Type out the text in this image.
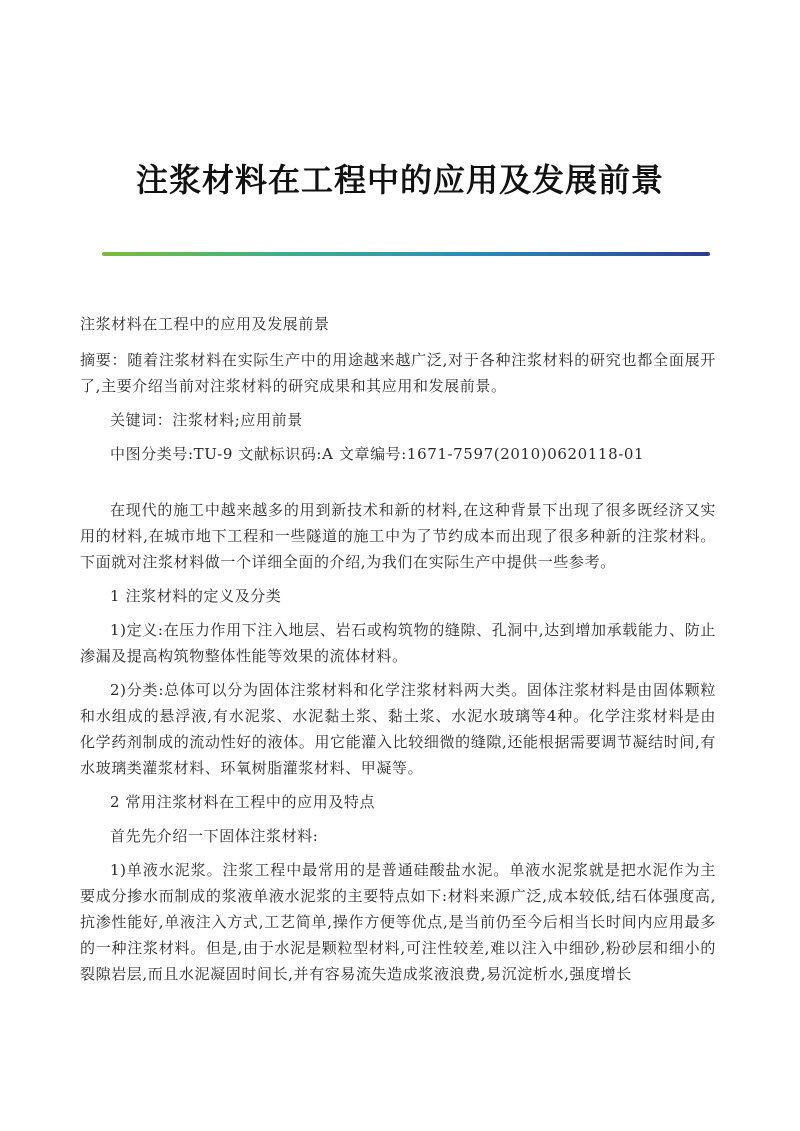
注浆材料在工程中的应用及发展前景

注浆材料在工程中的应用及发展前景

摘要：随着注浆材料在实际生产中的用途越来越广泛,对于各种注浆材料的研究也都全面展开了,主要介绍当前对注浆材料的研究成果和其应用和发展前景。

关键词：注浆材料;应用前景

中图分类号:TU-9 文献标识码:A 文章编号:1671-7597(2010)0620118-01

在现代的施工中越来越多的用到新技术和新的材料,在这种背景下出现了很多既经济又实用的材料,在城市地下工程和一些隧道的施工中为了节约成本而出现了很多种新的注浆材料。下面就对注浆材料做一个详细全面的介绍,为我们在实际生产中提供一些参考。

1 注浆材料的定义及分类

1)定义:在压力作用下注入地层、岩石或构筑物的缝隙、孔洞中,达到增加承载能力、防止渗漏及提高构筑物整体性能等效果的流体材料。

2)分类:总体可以分为固体注浆材料和化学注浆材料两大类。固体注浆材料是由固体颗粒和水组成的悬浮液,有水泥浆、水泥黏土浆、黏土浆、水泥水玻璃等4种。化学注浆材料是由化学药剂制成的流动性好的液体。用它能灌入比较细微的缝隙,还能根据需要调节凝结时间,有水玻璃类灌浆材料、环氧树脂灌浆材料、甲凝等。

2 常用注浆材料在工程中的应用及特点

首先先介绍一下固体注浆材料:

1)单液水泥浆。注浆工程中最常用的是普通硅酸盐水泥。单液水泥浆就是把水泥作为主要成分掺水而制成的浆液单液水泥浆的主要特点如下:材料来源广泛,成本较低,结石体强度高,抗渗性能好,单液注入方式,工艺简单,操作方便等优点,是当前仍至今后相当长时间内应用最多的一种注浆材料。但是,由于水泥是颗粒型材料,可注性较差,难以注入中细砂,粉砂层和细小的裂隙岩层,而且水泥凝固时间长,并有容易流失造成浆液浪费,易沉淀析水,强度增长
